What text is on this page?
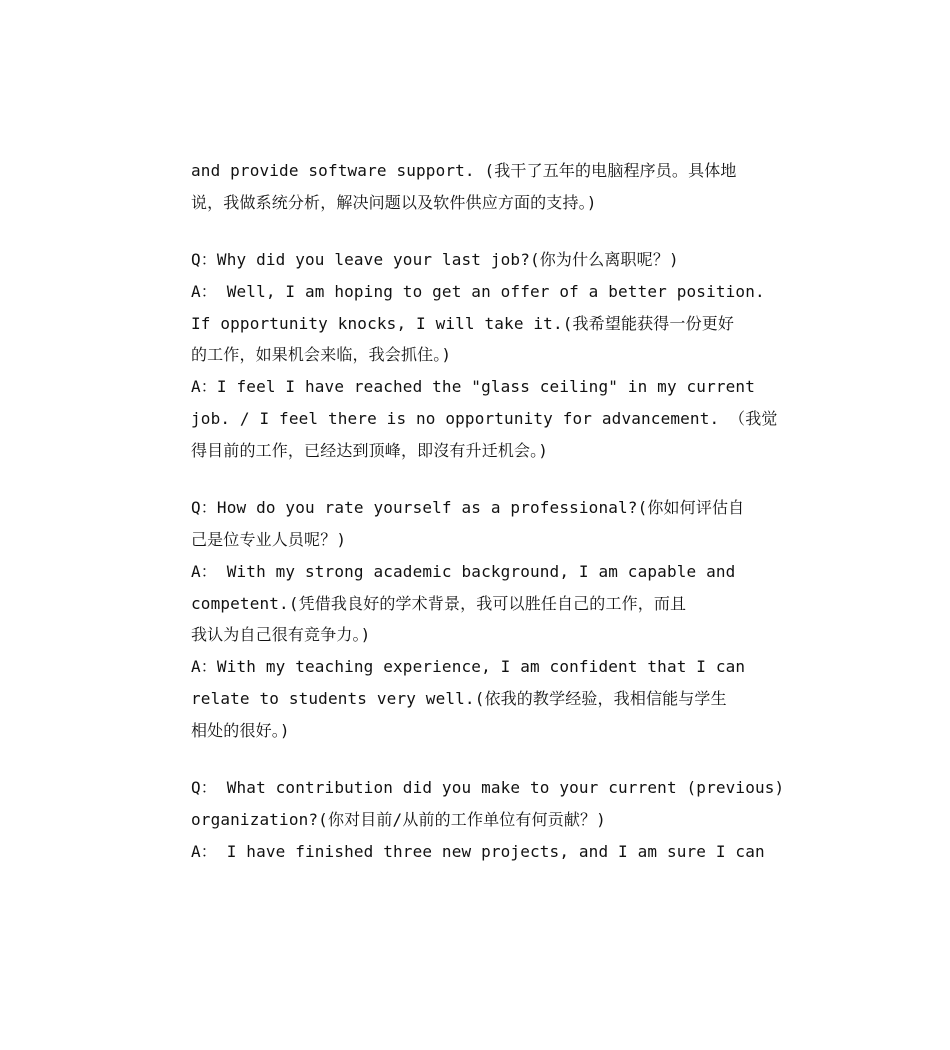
and provide software support. (我干了五年的电脑程序员。具体地
说，我做系统分析，解决问题以及软件供应方面的支持。)
Q：Why did you leave your last job?(你为什么离职呢？)
A： Well, I am hoping to get an offer of a better position.
If opportunity knocks, I will take it.(我希望能获得一份更好
的工作，如果机会来临，我会抓住。)
A：I feel I have reached the "glass ceiling" in my current
job. / I feel there is no opportunity for advancement. （我觉
得目前的工作，已经达到顶峰，即沒有升迁机会。)
Q：How do you rate yourself as a professional?(你如何评估自
己是位专业人员呢？)
A： With my strong academic background, I am capable and
competent.(凭借我良好的学术背景，我可以胜任自己的工作，而且
我认为自己很有竞争力。)
A：With my teaching experience, I am confident that I can
relate to students very well.(依我的教学经验，我相信能与学生
相处的很好。)
Q： What contribution did you make to your current (previous)
organization?(你对目前/从前的工作单位有何贡献？)
A： I have finished three new projects, and I am sure I can
